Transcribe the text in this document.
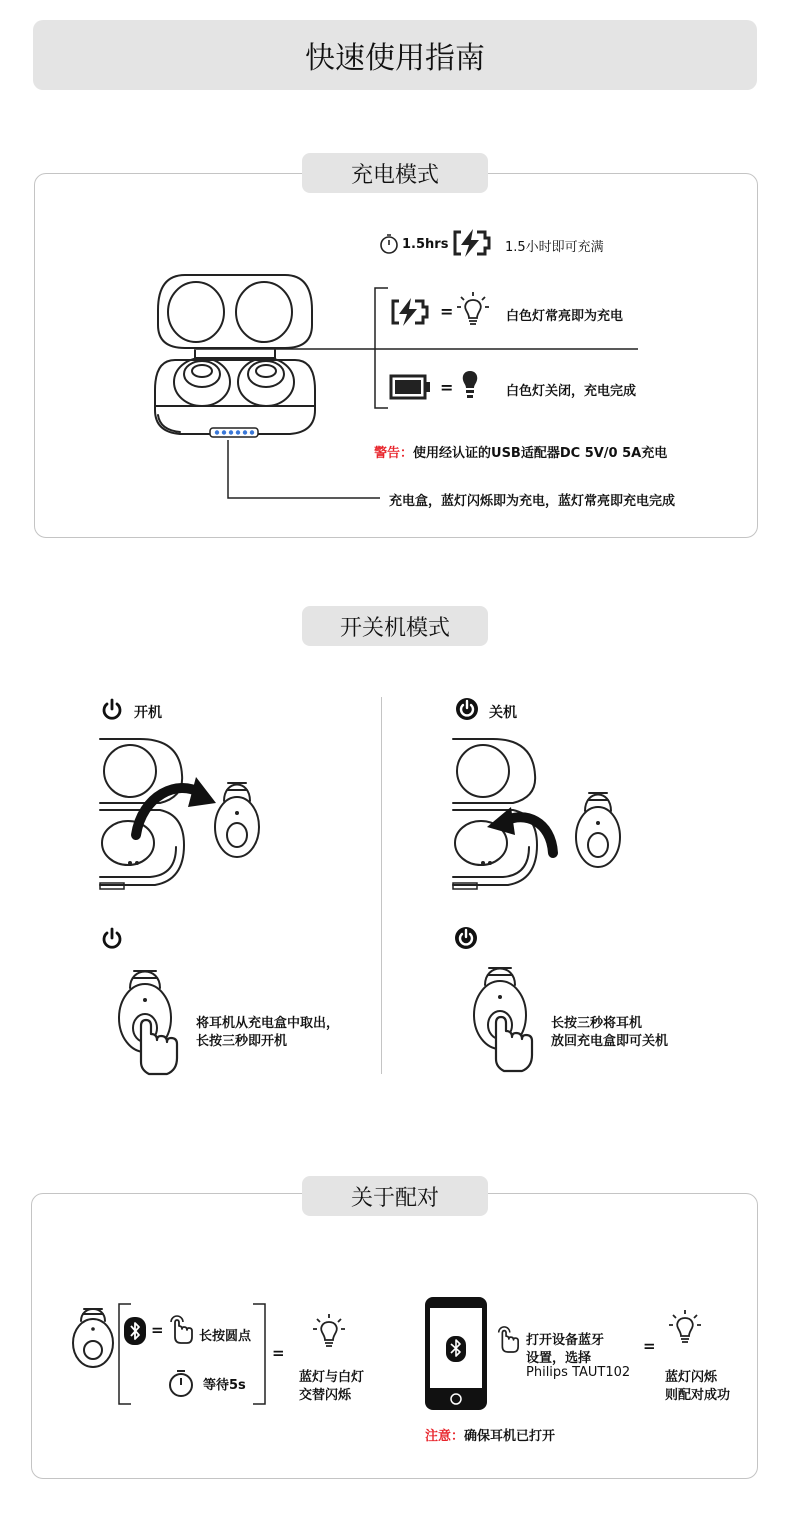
快速使用指南
充电模式
1.5hrs	1.5小时即可充满
=	白色灯常亮即为充电
=	白色灯关闭，充电完成
警告：使用经认证的USB适配器DC 5V/0 5A充电
充电盒，蓝灯闪烁即为充电，蓝灯常亮即充电完成
开关机模式
开机
将耳机从充电盒中取出，
长按三秒即开机
关机
长按三秒将耳机
放回充电盒即可关机
关于配对
=	长按圆点
等待5s
=
蓝灯与白灯
交替闪烁
打开设备蓝牙
设置，选择
Philips TAUT102
=
蓝灯闪烁
则配对成功
注意：确保耳机已打开
